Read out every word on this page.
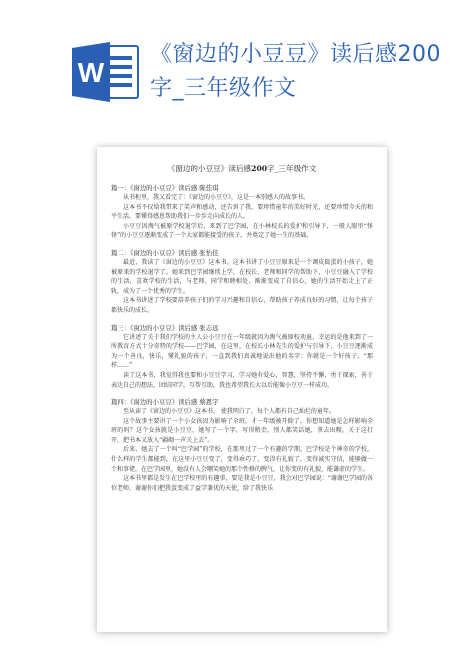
W
《窗边的小豆豆》读后感200字_三年级作文
《窗边的小豆豆》读后感200字_三年级作文
篇一：《窗边的小豆豆》读后感 陈佳琪
从书柜里，我又看完了：《窗边的小豆豆》，这是一本别感人的故事书。
这本书不仅给我带来了笑声和感动，还告诉了我，要珍惜童年的美好时光，还要珍惜今天的和平生活，要懂得感恩帮助我们一步步走向成长的人。
小豆豆因淘气被原学校退学后，来到了巴学园，在小林校长的爱护和引导下，一般人眼里“怪怪”的小豆豆逐渐变成了一个大家都能接受的孩子，并奠定了她一生的基础。
篇二：《窗边的小豆豆》读后感 张怡佳
最近，我读了《窗边的小豆豆》这本书。这本书讲了小豆豆原来是一个调皮捣蛋的小孩子，她被原来的学校退学了。她来到巴学园继续上学，在校长、老师和同学的帮助下，小豆豆融入了学校的生活，喜欢学校的生活，与老师、同学和睦相处，渐渐变成了自信心，她的生活开始走上了正轨，成为了一个优秀的学生。
这本书讲述了学校要培养孩子们的学习兴趣和自信心，帮助孩子养成良好的习惯，让每个孩子都快乐的成长。
篇三：《窗边的小豆豆》读后感 张志远
它讲述了关于我们学校的主人公小豆豆在一年级就因为淘气被原校劝退，幸运的是他来到了一所教育方式十分奇特的学校——巴学园，在这里，在校长小林先生的爱护与引导下，小豆豆逐渐成为一个善良，快乐，懂礼貌的孩子，一直到我们真诚地说出他的名字：你就是一个好孩子。“那样……”
读了这本书，我觉得我也要和小豆豆学习，学习她有爱心，智慧，坚持不懈，勇于探索，善于表达自己的想法，团结同学，互帮互助，我也希望我长大以后能像小豆豆一样成功。
篇四：《窗边的小豆豆》读后感 蔡恩宇
至从读了《窗边的小豆豆》这本书， 使我明白了，每个人都有自己灿烂的童年。
这个故事主要讲了一个小女孩因为影响了全班，才一年级被开除了，你想知道她是怎样影响全班的吗？这个女孩就是小豆豆，她写了一个字，写得稍歪，别人都笑话她，拿去出糗，关于这打开，把书本又放入“疆砌一声关上去”。
后来，她去了一个叫“巴学园”的学校，在那里过了一个有趣的学期，巴学校是个神奇的学校，什么样的学生都能到，在这里小豆豆变了，变得乖巧了，变得有礼貌了，变得诚实守信，能够做一个和事佬，在巴学园里，她没有人会嘲笑她的那个性格的脾气，让你变的有礼貌，能谦虚的学生。
这本书里都是发生在巴学校里的有趣事，要是我是小豆豆，我会对巴学园说：“谢谢巴学园的各位老师，谢谢你们把我蛋变成了益学兼优的天使，给了我快乐
